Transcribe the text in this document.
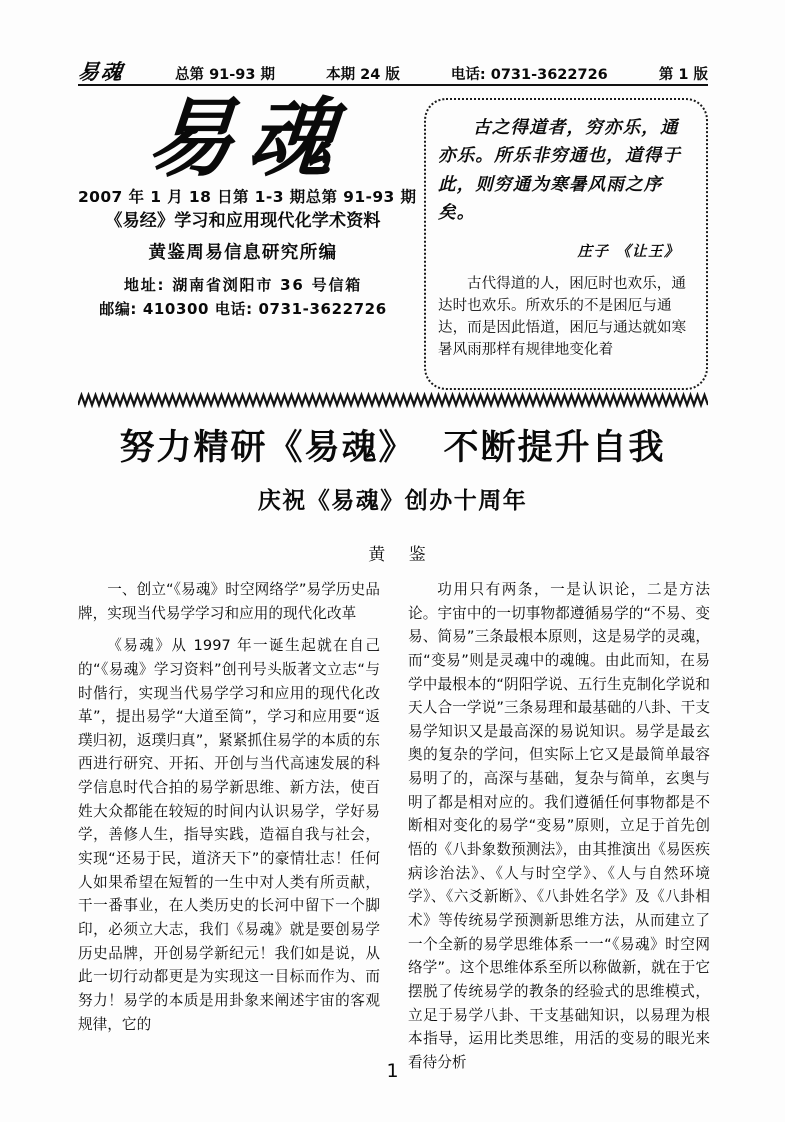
易魂	总第 91-93 期	本期 24 版	电话: 0731-3622726	第 1 版
易魂
2007 年 1 月 18 日第 1-3 期总第 91-93 期
《易经》学习和应用现代化学术资料
黄鉴周易信息研究所编
地址: 湖南省浏阳市 36 号信箱
邮编: 410300 电话: 0731-3622726

古之得道者，穷亦乐，通亦乐。所乐非穷通也，道得于此，则穷通为寒暑风雨之序矣。

庄子 《让王》
古代得道的人，困厄时也欢乐，通达时也欢乐。所欢乐的不是困厄与通达，而是因此悟道，困厄与通达就如寒暑风雨那样有规律地变化着
努力精研《易魂》 不断提升自我
庆祝《易魂》创办十周年
黄 鉴

一、创立“《易魂》时空网络学”易学历史品牌，实现当代易学学习和应用的现代化改革

《易魂》从 1997 年一诞生起就在自己的“《易魂》学习资料”创刊号头版著文立志“与时偕行，实现当代易学学习和应用的现代化改革”，提出易学“大道至简”，学习和应用要“返璞归初，返璞归真”，紧紧抓住易学的本质的东西进行研究、开拓、开创与当代高速发展的科学信息时代合拍的易学新思维、新方法，使百姓大众都能在较短的时间内认识易学，学好易学，善修人生，指导实践，造福自我与社会，实现“还易于民，道济天下”的豪情壮志！任何人如果希望在短暂的一生中对人类有所贡献，干一番事业，在人类历史的长河中留下一个脚印，必须立大志，我们《易魂》就是要创易学历史品牌，开创易学新纪元！我们如是说，从此一切行动都更是为实现这一目标而作为、而努力！易学的本质是用卦象来阐述宇宙的客观规律，它的

功用只有两条，一是认识论，二是方法论。宇宙中的一切事物都遵循易学的“不易、变易、简易”三条最根本原则，这是易学的灵魂，而“变易”则是灵魂中的魂魄。由此而知，在易学中最根本的“阴阳学说、五行生克制化学说和天人合一学说”三条易理和最基础的八卦、干支易学知识又是最高深的易说知识。易学是最玄奥的复杂的学问，但实际上它又是最简单最容易明了的，高深与基础，复杂与简单，玄奥与明了都是相对应的。我们遵循任何事物都是不断相对变化的易学“变易”原则，立足于首先创悟的《八卦象数预测法》，由其推演出《易医疾病诊治法》、《人与时空学》、《人与自然环境学》、《六爻新断》、《八卦姓名学》及《八卦相术》等传统易学预测新思维方法，从而建立了一个全新的易学思维体系一一“《易魂》时空网络学”。这个思维体系至所以称做新，就在于它摆脱了传统易学的教条的经验式的思维模式，立足于易学八卦、干支基础知识，以易理为根本指导，运用比类思维，用活的变易的眼光来看待分析

1
